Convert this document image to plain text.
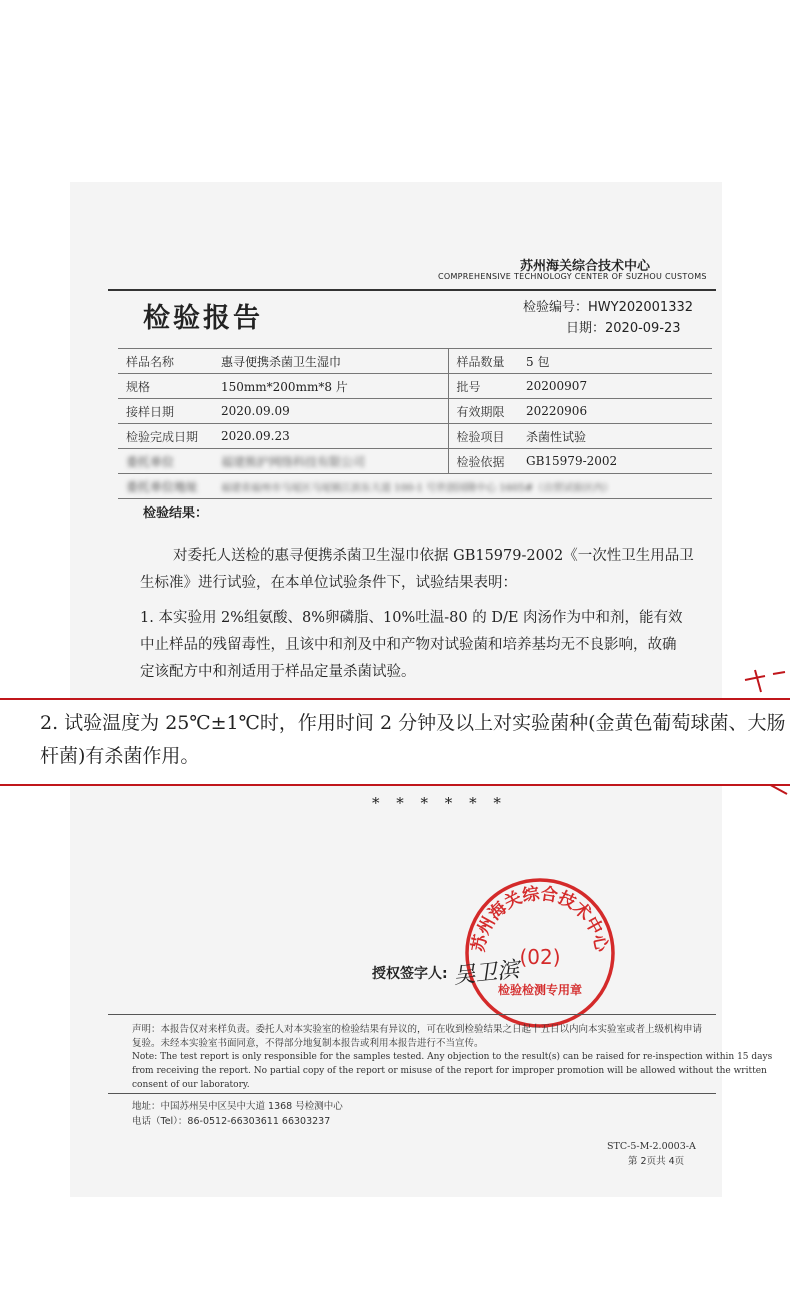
苏州海关综合技术中心
COMPREHENSIVE TECHNOLOGY CENTER OF SUZHOU CUSTOMS
检验报告	检验编号：HWY202001332
日期：2020-09-23
样品名称	惠寻便携杀菌卫生湿巾	样品数量	5 包
规格	150mm*200mm*8 片	批号	20200907
接样日期	2020.09.09	有效期限	20220906
检验完成日期	2020.09.23	检验项目	杀菌性试验
委托单位	福建熊护网络科技有限公司	检验依据	GB15979-2002
委托单位地址	福建省福州市马尾区马尾镇江滨东大道 100-1 号世创国隆中心 1605#（自贸试验区内）		
检验结果：
对委托人送检的惠寻便携杀菌卫生湿巾依据 GB15979-2002《一次性卫生用品卫
生标准》进行试验，在本单位试验条件下，试验结果表明：
1. 本实验用 2%组氨酸、8%卵磷脂、10%吐温-80 的 D/E 肉汤作为中和剂，能有效
中止样品的残留毒性，且该中和剂及中和产物对试验菌和培养基均无不良影响，故确
定该配方中和剂适用于样品定量杀菌试验。
2. 试验温度为 25℃±1℃时，作用时间 2 分钟及以上对实验菌种(金黄色葡萄球菌、大肠杆菌)有杀菌作用。
* * * * * *
苏州海关综合技术中心
(02)
检验检测专用章
授权签字人: 吴卫滨
声明：本报告仅对来样负责。委托人对本实验室的检验结果有异议的，可在收到检验结果之日起十五日以内向本实验室或者上级机构申请
复验。未经本实验室书面同意，不得部分地复制本报告或利用本报告进行不当宣传。
Note: The test report is only responsible for the samples tested. Any objection to the result(s) can be raised for re-inspection within 15 days
from receiving the report. No partial copy of the report or misuse of the report for improper promotion will be allowed without the written
consent of our laboratory.
地址：中国苏州吴中区吴中大道 1368 号检测中心
电话（Tel）：86-0512-66303611 66303237
STC-5-M-2.0003-A
第 2页共 4页
